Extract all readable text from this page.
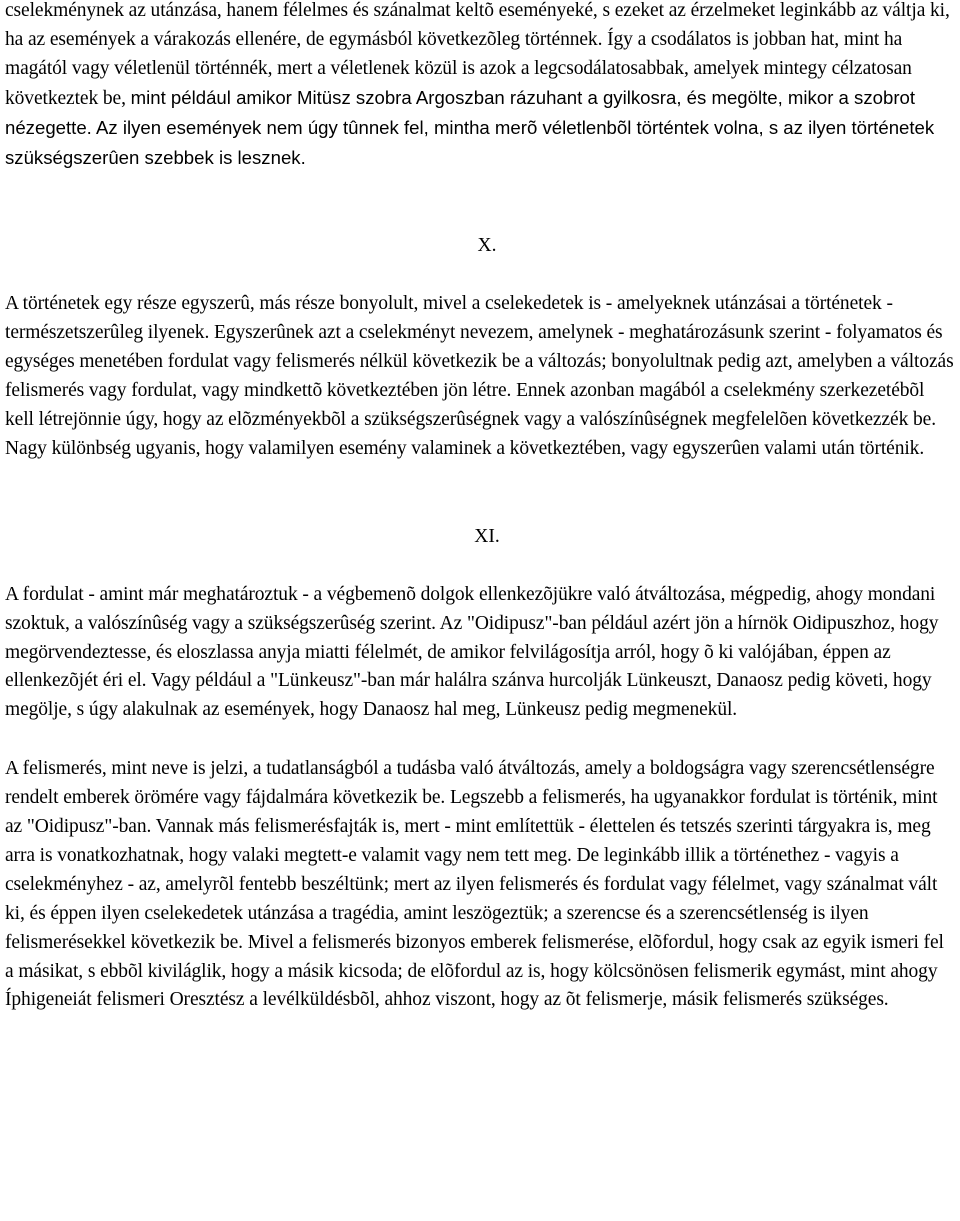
cselekménynek az utánzása, hanem félelmes és szánalmat keltõ eseményeké, s ezeket az érzelmeket leginkább az váltja ki, ha az események a várakozás ellenére, de egymásból következõleg történnek. Így a csodálatos is jobban hat, mint ha magától vagy véletlenül történnék, mert a véletlenek közül is azok a legcsodálatosabbak, amelyek mintegy célzatosan következtek be, mint például amikor Mitüsz szobra Argoszban rázuhant a gyilkosra, és megölte, mikor a szobrot nézegette. Az ilyen események nem úgy tûnnek fel, mintha merõ véletlenbõl történtek volna, s az ilyen történetek szükségszerûen szebbek is lesznek.

X.

A történetek egy része egyszerû, más része bonyolult, mivel a cselekedetek is - amelyeknek utánzásai a történetek - természetszerûleg ilyenek. Egyszerûnek azt a cselekményt nevezem, amelynek - meghatározásunk szerint - folyamatos és egységes menetében fordulat vagy felismerés nélkül következik be a változás; bonyolultnak pedig azt, amelyben a változás felismerés vagy fordulat, vagy mindkettõ következtében jön létre. Ennek azonban magából a cselekmény szerkezetébõl kell létrejönnie úgy, hogy az elõzményekbõl a szükségszerûségnek vagy a valószínûségnek megfelelõen következzék be. Nagy különbség ugyanis, hogy valamilyen esemény valaminek a következtében, vagy egyszerûen valami után történik.

XI.

A fordulat - amint már meghatároztuk - a végbemenõ dolgok ellenkezõjükre való átváltozása, mégpedig, ahogy mondani szoktuk, a valószínûség vagy a szükségszerûség szerint. Az "Oidipusz"-ban például azért jön a hírnök Oidipuszhoz, hogy megörvendeztesse, és eloszlassa anyja miatti félelmét, de amikor felvilágosítja arról, hogy õ ki valójában, éppen az ellenkezõjét éri el. Vagy például a "Lünkeusz"-ban már halálra szánva hurcolják Lünkeuszt, Danaosz pedig követi, hogy megölje, s úgy alakulnak az események, hogy Danaosz hal meg, Lünkeusz pedig megmenekül.

A felismerés, mint neve is jelzi, a tudatlanságból a tudásba való átváltozás, amely a boldogságra vagy szerencsétlenségre rendelt emberek örömére vagy fájdalmára következik be. Legszebb a felismerés, ha ugyanakkor fordulat is történik, mint az "Oidipusz"-ban. Vannak más felismerésfajták is, mert - mint említettük - élettelen és tetszés szerinti tárgyakra is, meg arra is vonatkozhatnak, hogy valaki megtett-e valamit vagy nem tett meg. De leginkább illik a történethez - vagyis a cselekményhez - az, amelyrõl fentebb beszéltünk; mert az ilyen felismerés és fordulat vagy félelmet, vagy szánalmat vált ki, és éppen ilyen cselekedetek utánzása a tragédia, amint leszögeztük; a szerencse és a szerencsétlenség is ilyen felismerésekkel következik be. Mivel a felismerés bizonyos emberek felismerése, elõfordul, hogy csak az egyik ismeri fel a másikat, s ebbõl kiviláglik, hogy a másik kicsoda; de elõfordul az is, hogy kölcsönösen felismerik egymást, mint ahogy Íphigeneiát felismeri Oresztész a levélküldésbõl, ahhoz viszont, hogy az õt felismerje, másik felismerés szükséges.
